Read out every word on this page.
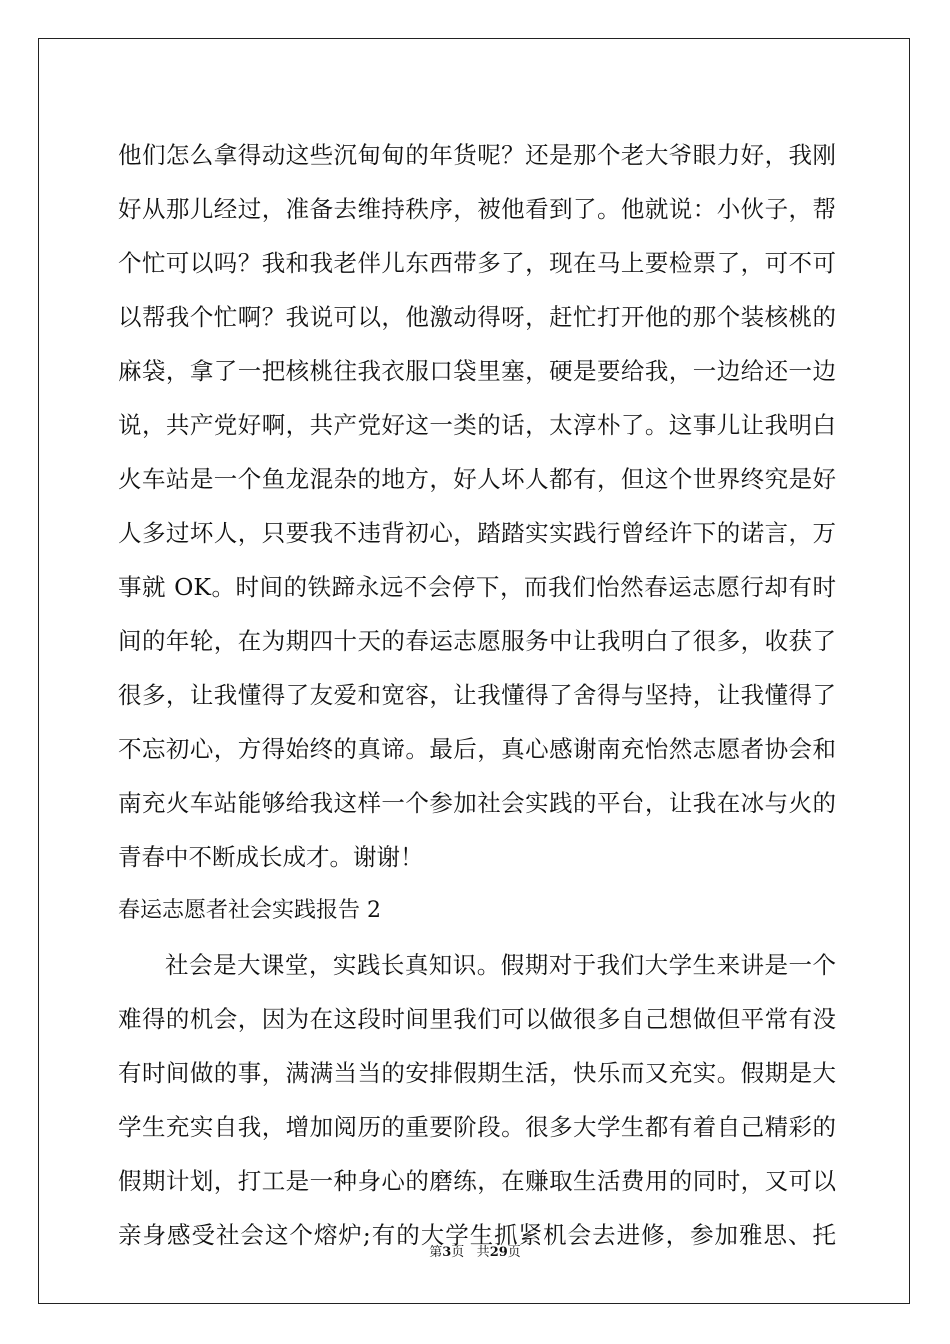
他们怎么拿得动这些沉甸甸的年货呢？还是那个老大爷眼力好，我刚
好从那儿经过，准备去维持秩序，被他看到了。他就说：小伙子，帮
个忙可以吗？我和我老伴儿东西带多了，现在马上要检票了，可不可
以帮我个忙啊？我说可以，他激动得呀，赶忙打开他的那个装核桃的
麻袋，拿了一把核桃往我衣服口袋里塞，硬是要给我，一边给还一边
说，共产党好啊，共产党好这一类的话，太淳朴了。这事儿让我明白
火车站是一个鱼龙混杂的地方，好人坏人都有，但这个世界终究是好
人多过坏人，只要我不违背初心，踏踏实实践行曾经许下的诺言，万
事就 OK。时间的铁蹄永远不会停下，而我们怡然春运志愿行却有时
间的年轮，在为期四十天的春运志愿服务中让我明白了很多，收获了
很多，让我懂得了友爱和宽容，让我懂得了舍得与坚持，让我懂得了
不忘初心，方得始终的真谛。最后，真心感谢南充怡然志愿者协会和
南充火车站能够给我这样一个参加社会实践的平台，让我在冰与火的
青春中不断成长成才。谢谢！
春运志愿者社会实践报告 2
社会是大课堂，实践长真知识。假期对于我们大学生来讲是一个
难得的机会，因为在这段时间里我们可以做很多自己想做但平常有没
有时间做的事，满满当当的安排假期生活，快乐而又充实。假期是大
学生充实自我，增加阅历的重要阶段。很多大学生都有着自己精彩的
假期计划，打工是一种身心的磨练，在赚取生活费用的同时，又可以
亲身感受社会这个熔炉;有的大学生抓紧机会去进修，参加雅思、托
第3页 共29页
